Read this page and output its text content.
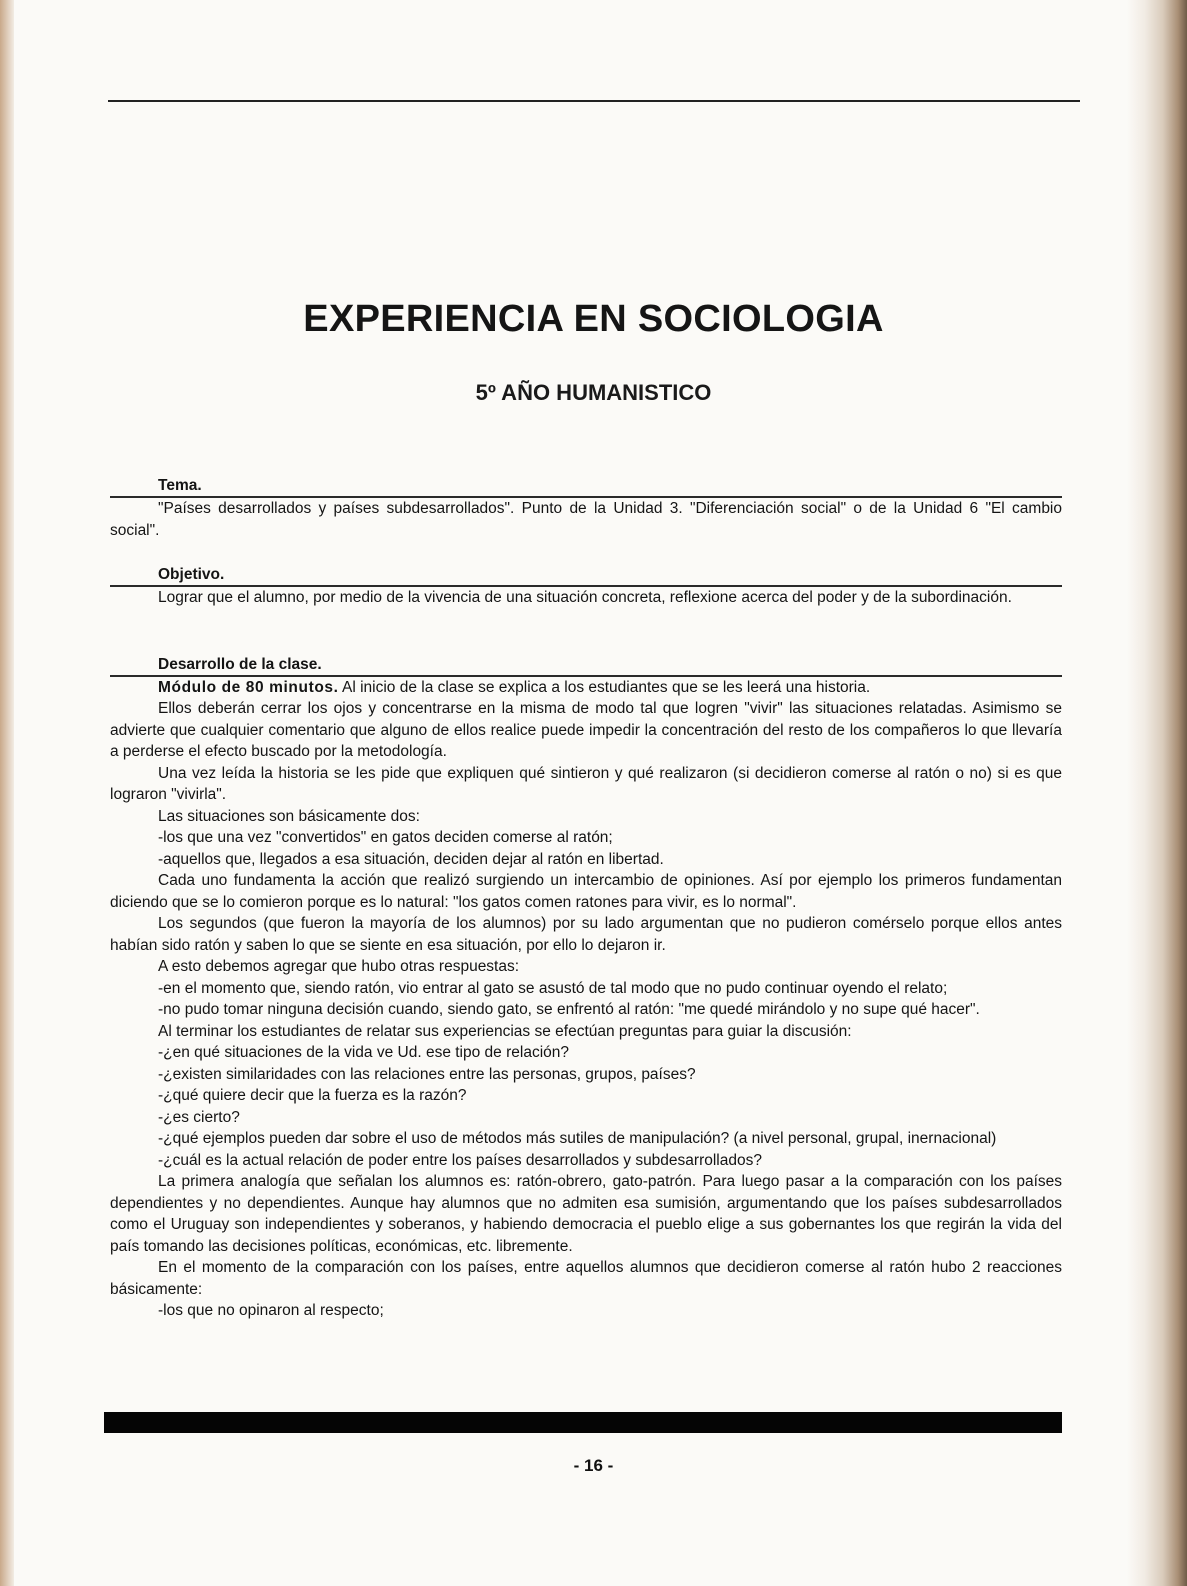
EXPERIENCIA EN SOCIOLOGIA
5º AÑO HUMANISTICO
Tema.

"Países desarrollados y países subdesarrollados". Punto de la Unidad 3. "Diferenciación social" o de la Unidad 6 "El cambio social".

Objetivo.

Lograr que el alumno, por medio de la vivencia de una situación concreta, reflexione acerca del poder y de la subordinación.

Desarrollo de la clase.

Módulo de 80 minutos. Al inicio de la clase se explica a los estudiantes que se les leerá una historia.

Ellos deberán cerrar los ojos y concentrarse en la misma de modo tal que logren "vivir" las situaciones relatadas. Asimismo se advierte que cualquier comentario que alguno de ellos realice puede impedir la concentración del resto de los compañeros lo que llevaría a perderse el efecto buscado por la metodología.

Una vez leída la historia se les pide que expliquen qué sintieron y qué realizaron (si decidieron comerse al ratón o no) si es que lograron "vivirla".

Las situaciones son básicamente dos:

-los que una vez "convertidos" en gatos deciden comerse al ratón;

-aquellos que, llegados a esa situación, deciden dejar al ratón en libertad.

Cada uno fundamenta la acción que realizó surgiendo un intercambio de opiniones. Así por ejemplo los primeros fundamentan diciendo que se lo comieron porque es lo natural: "los gatos comen ratones para vivir, es lo normal".

Los segundos (que fueron la mayoría de los alumnos) por su lado argumentan que no pudieron comérselo porque ellos antes habían sido ratón y saben lo que se siente en esa situación, por ello lo dejaron ir.

A esto debemos agregar que hubo otras respuestas:

-en el momento que, siendo ratón, vio entrar al gato se asustó de tal modo que no pudo continuar oyendo el relato;

-no pudo tomar ninguna decisión cuando, siendo gato, se enfrentó al ratón: "me quedé mirándolo y no supe qué hacer".

Al terminar los estudiantes de relatar sus experiencias se efectúan preguntas para guiar la discusión:

-¿en qué situaciones de la vida ve Ud. ese tipo de relación?

-¿existen similaridades con las relaciones entre las personas, grupos, países?

-¿qué quiere decir que la fuerza es la razón?

-¿es cierto?

-¿qué ejemplos pueden dar sobre el uso de métodos más sutiles de manipulación? (a nivel personal, grupal, inernacional)

-¿cuál es la actual relación de poder entre los países desarrollados y subdesarrollados?

La primera analogía que señalan los alumnos es: ratón-obrero, gato-patrón. Para luego pasar a la comparación con los países dependientes y no dependientes. Aunque hay alumnos que no admiten esa sumisión, argumentando que los países subdesarrollados como el Uruguay son independientes y soberanos, y habiendo democracia el pueblo elige a sus gobernantes los que regirán la vida del país tomando las decisiones políticas, económicas, etc. libremente.

En el momento de la comparación con los países, entre aquellos alumnos que decidieron comerse al ratón hubo 2 reacciones básicamente:

-los que no opinaron al respecto;

- 16 -
